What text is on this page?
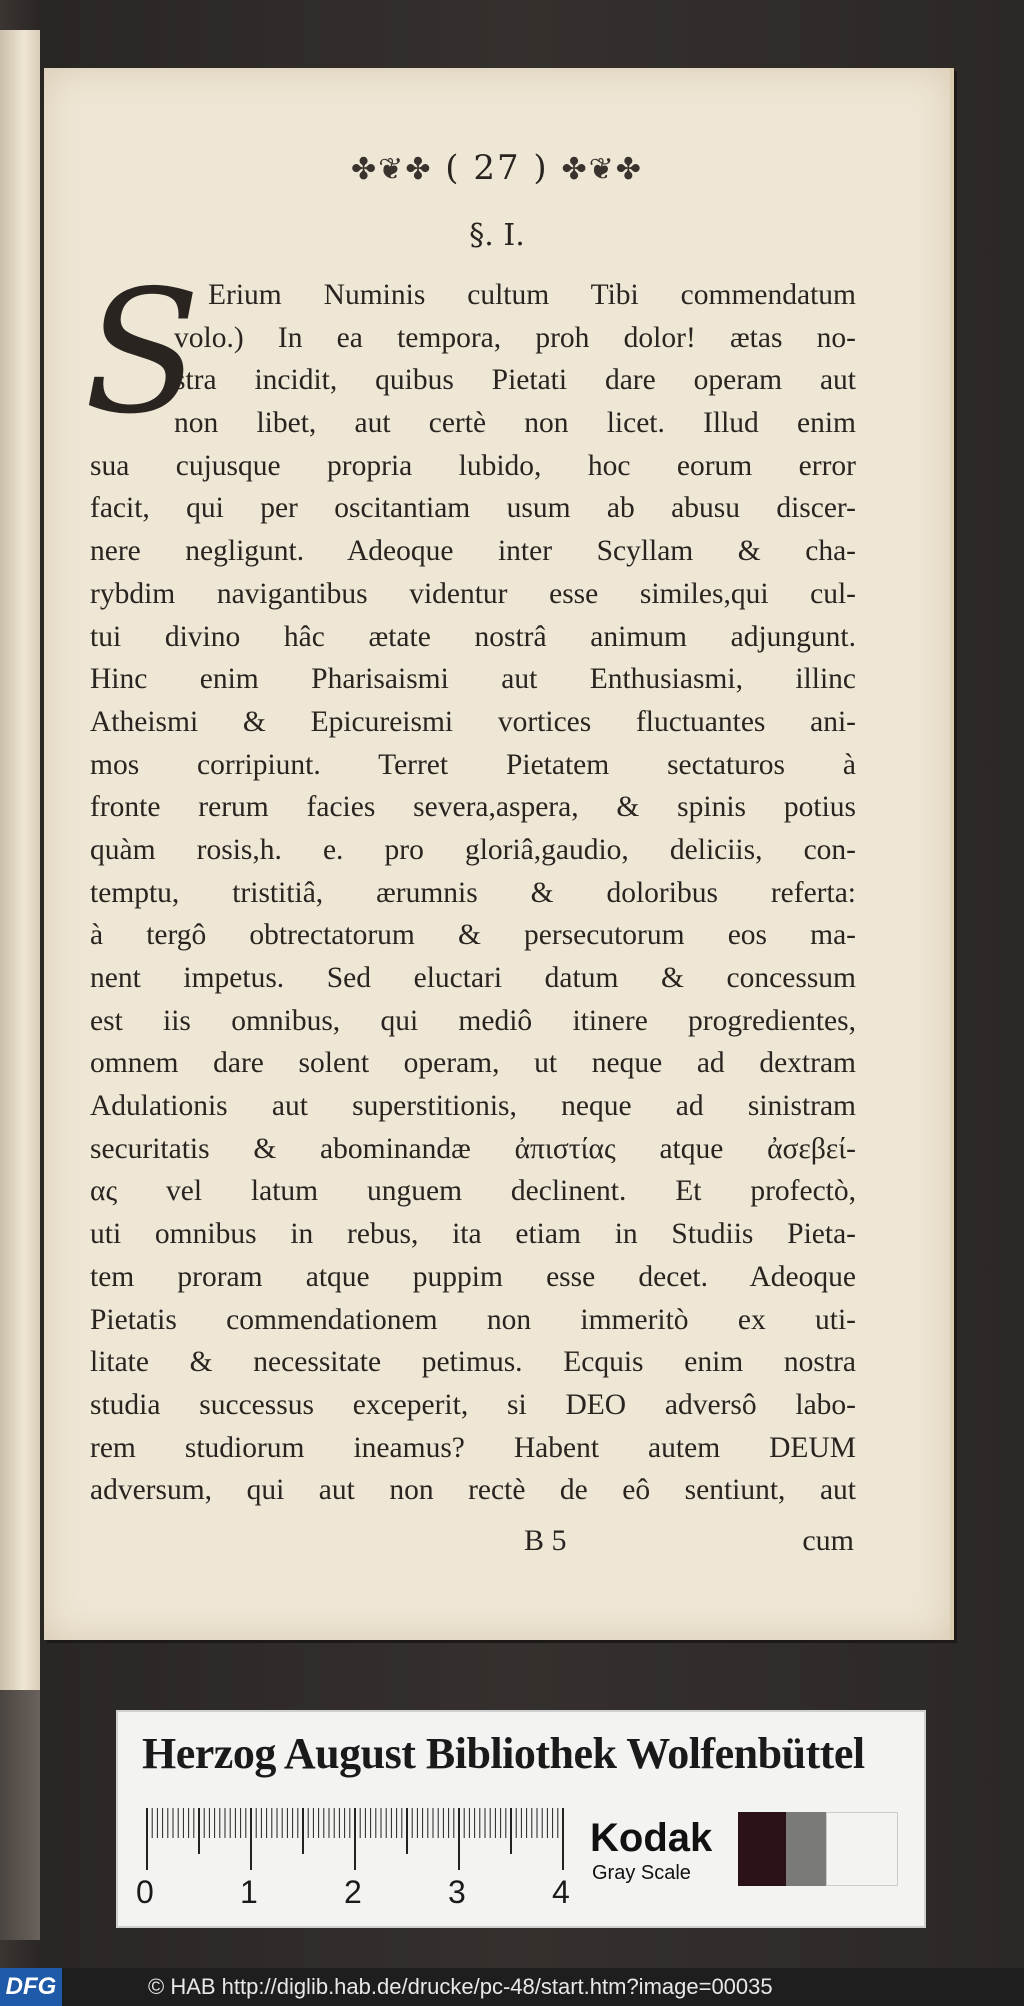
✤❦✤ ( 27 ) ✤❦✤
§. I.
S Erium Numinis cultum Tibi commendatum
volo.) In ea tempora, proh dolor! ætas no-
stra incidit, quibus Pietati dare operam aut
non libet, aut certè non licet. Illud enim
sua cujusque propria lubido, hoc eorum error
facit, qui per oscitantiam usum ab abusu discer-
nere negligunt. Adeoque inter Scyllam & cha-
rybdim navigantibus videntur esse similes,qui cul-
tui divino hâc ætate nostrâ animum adjungunt.
Hinc enim Pharisaismi aut Enthusiasmi, illinc
Atheismi & Epicureismi vortices fluctuantes ani-
mos corripiunt. Terret Pietatem sectaturos à
fronte rerum facies severa,aspera, & spinis potius
quàm rosis,h. e. pro gloriâ,gaudio, deliciis, con-
temptu, tristitiâ, ærumnis & doloribus referta:
à tergô obtrectatorum & persecutorum eos ma-
nent impetus. Sed eluctari datum & concessum
est iis omnibus, qui mediô itinere progredientes,
omnem dare solent operam, ut neque ad dextram
Adulationis aut superstitionis, neque ad sinistram
securitatis & abominandæ ἀπιστίας atque ἀσεβεί-
ας vel latum unguem declinent. Et profectò,
uti omnibus in rebus, ita etiam in Studiis Pieta-
tem proram atque puppim esse decet. Adeoque
Pietatis commendationem non immeritò ex uti-
litate & necessitate petimus. Ecquis enim nostra
studia successus exceperit, si DEO adversô labo-
rem studiorum ineamus? Habent autem DEUM
adversum, qui aut non rectè de eô sentiunt, aut
B 5	cum
Herzog August Bibliothek Wolfenbüttel
0	1	2	3	4
Kodak
Gray Scale
DFG	© HAB http://diglib.hab.de/drucke/pc-48/start.htm?image=00035
